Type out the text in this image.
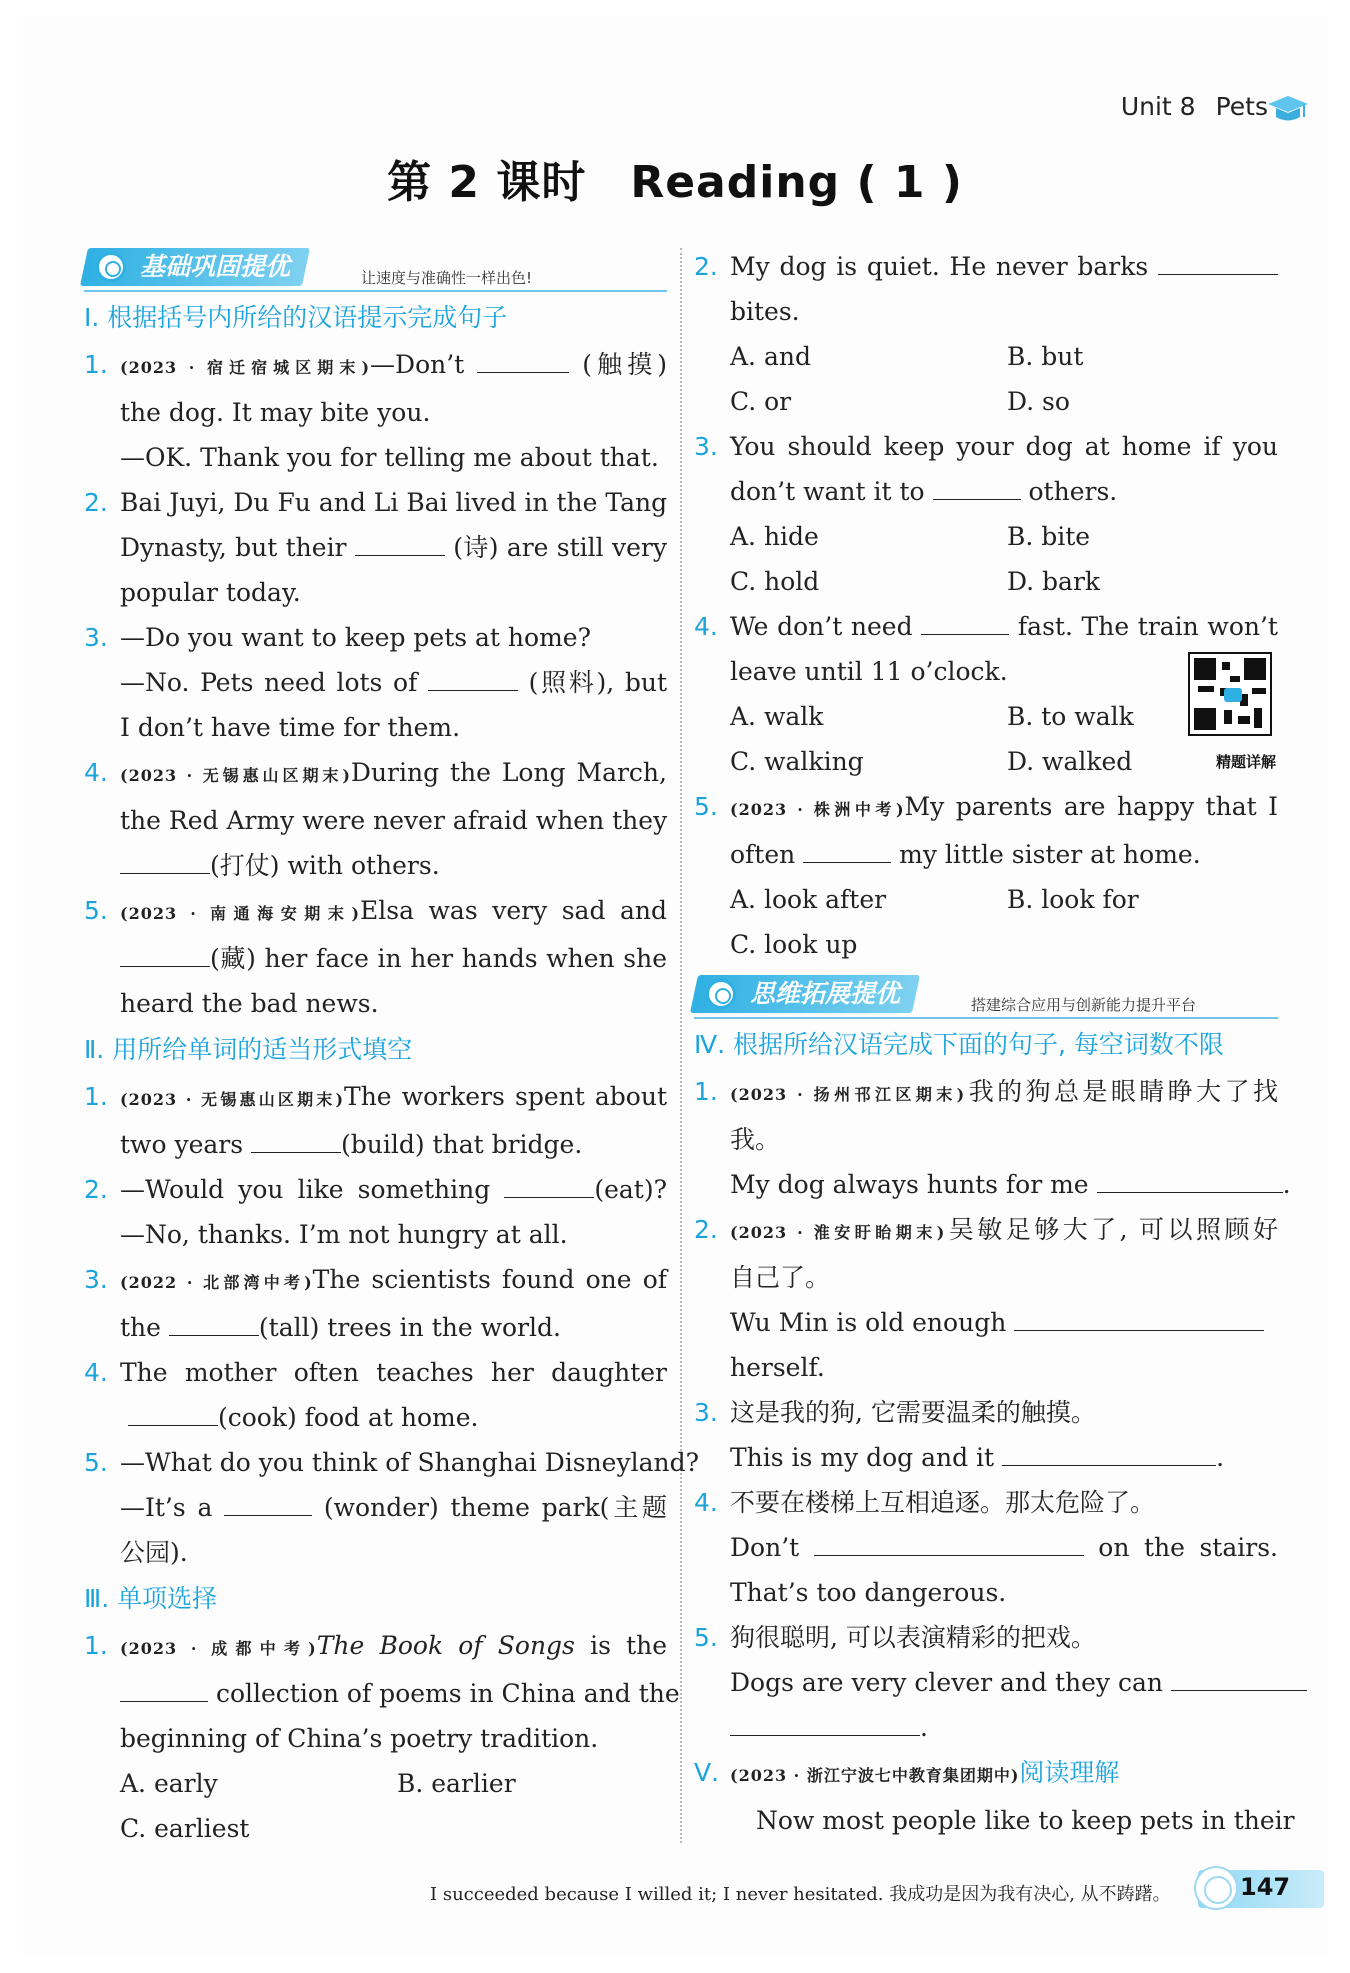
Unit 8 Pets
第 2 课时 Reading ( 1 )
基础巩固提优	让速度与准确性一样出色!
Ⅰ. 根据括号内所给的汉语提示完成句子
1. (2023 · 宿迁宿城区期末)—Don’t	(触摸)
the dog. It may bite you.
—OK. Thank you for telling me about that.
2. Bai Juyi, Du Fu and Li Bai lived in the Tang
Dynasty, but their	(诗) are still very
popular today.
3. —Do you want to keep pets at home?
—No. Pets need lots of	(照料), but
I don’t have time for them.
4. (2023 · 无锡惠山区期末)During the Long March,
the Red Army were never afraid when they
(打仗) with others.
5. (2023 · 南通海安期末)Elsa was very sad and
(藏) her face in her hands when she
heard the bad news.
Ⅱ. 用所给单词的适当形式填空
1. (2023 · 无锡惠山区期末)The workers spent about
two years	(build) that bridge.
2. —Would you like something	(eat)?
—No, thanks. I’m not hungry at all.
3. (2022 · 北部湾中考)The scientists found one of
the	(tall) trees in the world.
4. The mother often teaches her daughter
(cook) food at home.
5. —What do you think of Shanghai Disneyland?
—It’s a	(wonder) theme park(主题
公园).
Ⅲ. 单项选择
1. (2023 · 成都中考)The Book of Songs is the
collection of poems in China and the
beginning of China’s poetry tradition.
A. early	B. earlier
C. earliest
2. My dog is quiet. He never barks
bites.
A. and	B. but
C. or	D. so
3. You should keep your dog at home if you
don’t want it to	others.
A. hide	B. bite
C. hold	D. bark
4. We don’t need	fast. The train won’t
leave until 11 o’clock.
A. walk	B. to walk
C. walking	D. walked	精题详解
5. (2023 · 株洲中考)My parents are happy that I
often	my little sister at home.
A. look after	B. look for
C. look up
思维拓展提优	搭建综合应用与创新能力提升平台
Ⅳ. 根据所给汉语完成下面的句子, 每空词数不限
1. (2023 · 扬州邗江区期末)我的狗总是眼睛睁大了找
我。
My dog always hunts for me
2. (2023 · 淮安盱眙期末)吴敏足够大了, 可以照顾好
自己了。
Wu Min is old enough
herself.
3. 这是我的狗, 它需要温柔的触摸。
This is my dog and it	.
4. 不要在楼梯上互相追逐。那太危险了。
Don’t	on the stairs.
That’s too dangerous.
5. 狗很聪明, 可以表演精彩的把戏。
Dogs are very clever and they can
.
Ⅴ. (2023 · 浙江宁波七中教育集团期中)阅读理解
Now most people like to keep pets in their
I succeeded because I willed it; I never hesitated. 我成功是因为我有决心, 从不踌躇。	147
